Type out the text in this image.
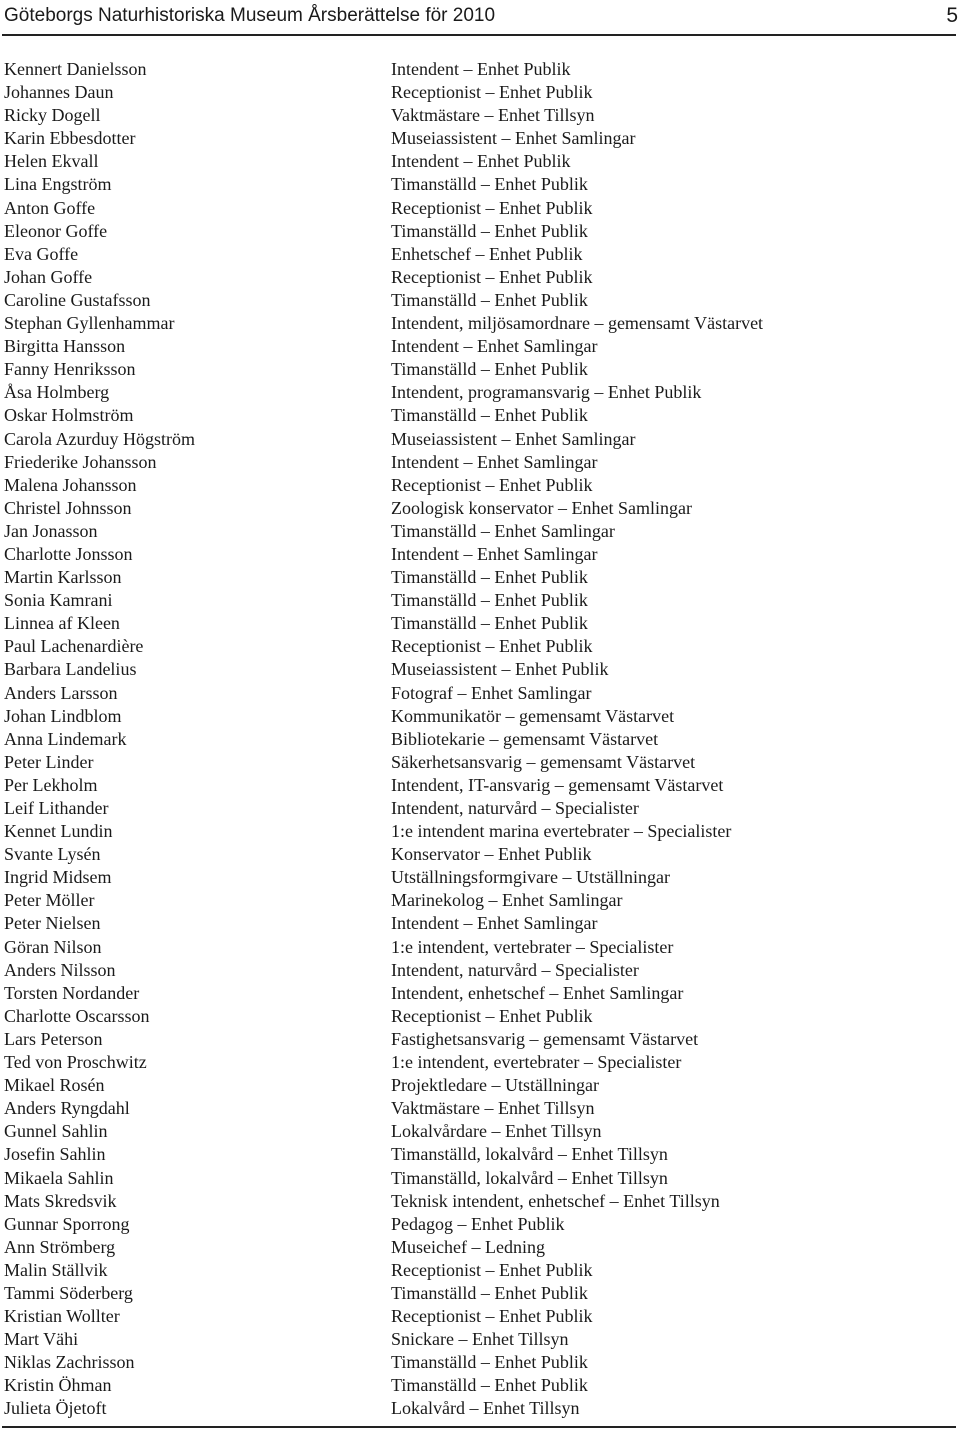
Göteborgs Naturhistoriska Museum Årsberättelse för 2010	5
Kennert Danielsson	Intendent – Enhet Publik
Johannes Daun	Receptionist – Enhet Publik
Ricky Dogell	Vaktmästare – Enhet Tillsyn
Karin Ebbesdotter	Museiassistent – Enhet Samlingar
Helen Ekvall	Intendent – Enhet Publik
Lina Engström	Timanställd – Enhet Publik
Anton Goffe	Receptionist – Enhet Publik
Eleonor Goffe	Timanställd – Enhet Publik
Eva Goffe	Enhetschef – Enhet Publik
Johan Goffe	Receptionist – Enhet Publik
Caroline Gustafsson	Timanställd – Enhet Publik
Stephan Gyllenhammar	Intendent, miljösamordnare – gemensamt Västarvet
Birgitta Hansson	Intendent – Enhet Samlingar
Fanny Henriksson	Timanställd – Enhet Publik
Åsa Holmberg	Intendent, programansvarig – Enhet Publik
Oskar Holmström	Timanställd – Enhet Publik
Carola Azurduy Högström	Museiassistent – Enhet Samlingar
Friederike Johansson	Intendent – Enhet Samlingar
Malena Johansson	Receptionist – Enhet Publik
Christel Johnsson	Zoologisk konservator – Enhet Samlingar
Jan Jonasson	Timanställd – Enhet Samlingar
Charlotte Jonsson	Intendent – Enhet Samlingar
Martin Karlsson	Timanställd – Enhet Publik
Sonia Kamrani	Timanställd – Enhet Publik
Linnea af Kleen	Timanställd – Enhet Publik
Paul Lachenardière	Receptionist – Enhet Publik
Barbara Landelius	Museiassistent – Enhet Publik
Anders Larsson	Fotograf – Enhet Samlingar
Johan Lindblom	Kommunikatör – gemensamt Västarvet
Anna Lindemark	Bibliotekarie – gemensamt Västarvet
Peter Linder	Säkerhetsansvarig – gemensamt Västarvet
Per Lekholm	Intendent, IT-ansvarig – gemensamt Västarvet
Leif Lithander	Intendent, naturvård – Specialister
Kennet Lundin	1:e intendent marina evertebrater – Specialister
Svante Lysén	Konservator – Enhet Publik
Ingrid Midsem	Utställningsformgivare – Utställningar
Peter Möller	Marinekolog – Enhet Samlingar
Peter Nielsen	Intendent – Enhet Samlingar
Göran Nilson	1:e intendent, vertebrater – Specialister
Anders Nilsson	Intendent, naturvård – Specialister
Torsten Nordander	Intendent, enhetschef – Enhet Samlingar
Charlotte Oscarsson	Receptionist – Enhet Publik
Lars Peterson	Fastighetsansvarig – gemensamt Västarvet
Ted von Proschwitz	1:e intendent, evertebrater – Specialister
Mikael Rosén	Projektledare – Utställningar
Anders Ryngdahl	Vaktmästare – Enhet Tillsyn
Gunnel Sahlin	Lokalvårdare – Enhet Tillsyn
Josefin Sahlin	Timanställd, lokalvård – Enhet Tillsyn
Mikaela Sahlin	Timanställd, lokalvård – Enhet Tillsyn
Mats Skredsvik	Teknisk intendent, enhetschef – Enhet Tillsyn
Gunnar Sporrong	Pedagog – Enhet Publik
Ann Strömberg	Museichef – Ledning
Malin Ställvik	Receptionist – Enhet Publik
Tammi Söderberg	Timanställd – Enhet Publik
Kristian Wollter	Receptionist – Enhet Publik
Mart Vähi	Snickare – Enhet Tillsyn
Niklas Zachrisson	Timanställd – Enhet Publik
Kristin Öhman	Timanställd – Enhet Publik
Julieta Öjetoft	Lokalvård – Enhet Tillsyn
